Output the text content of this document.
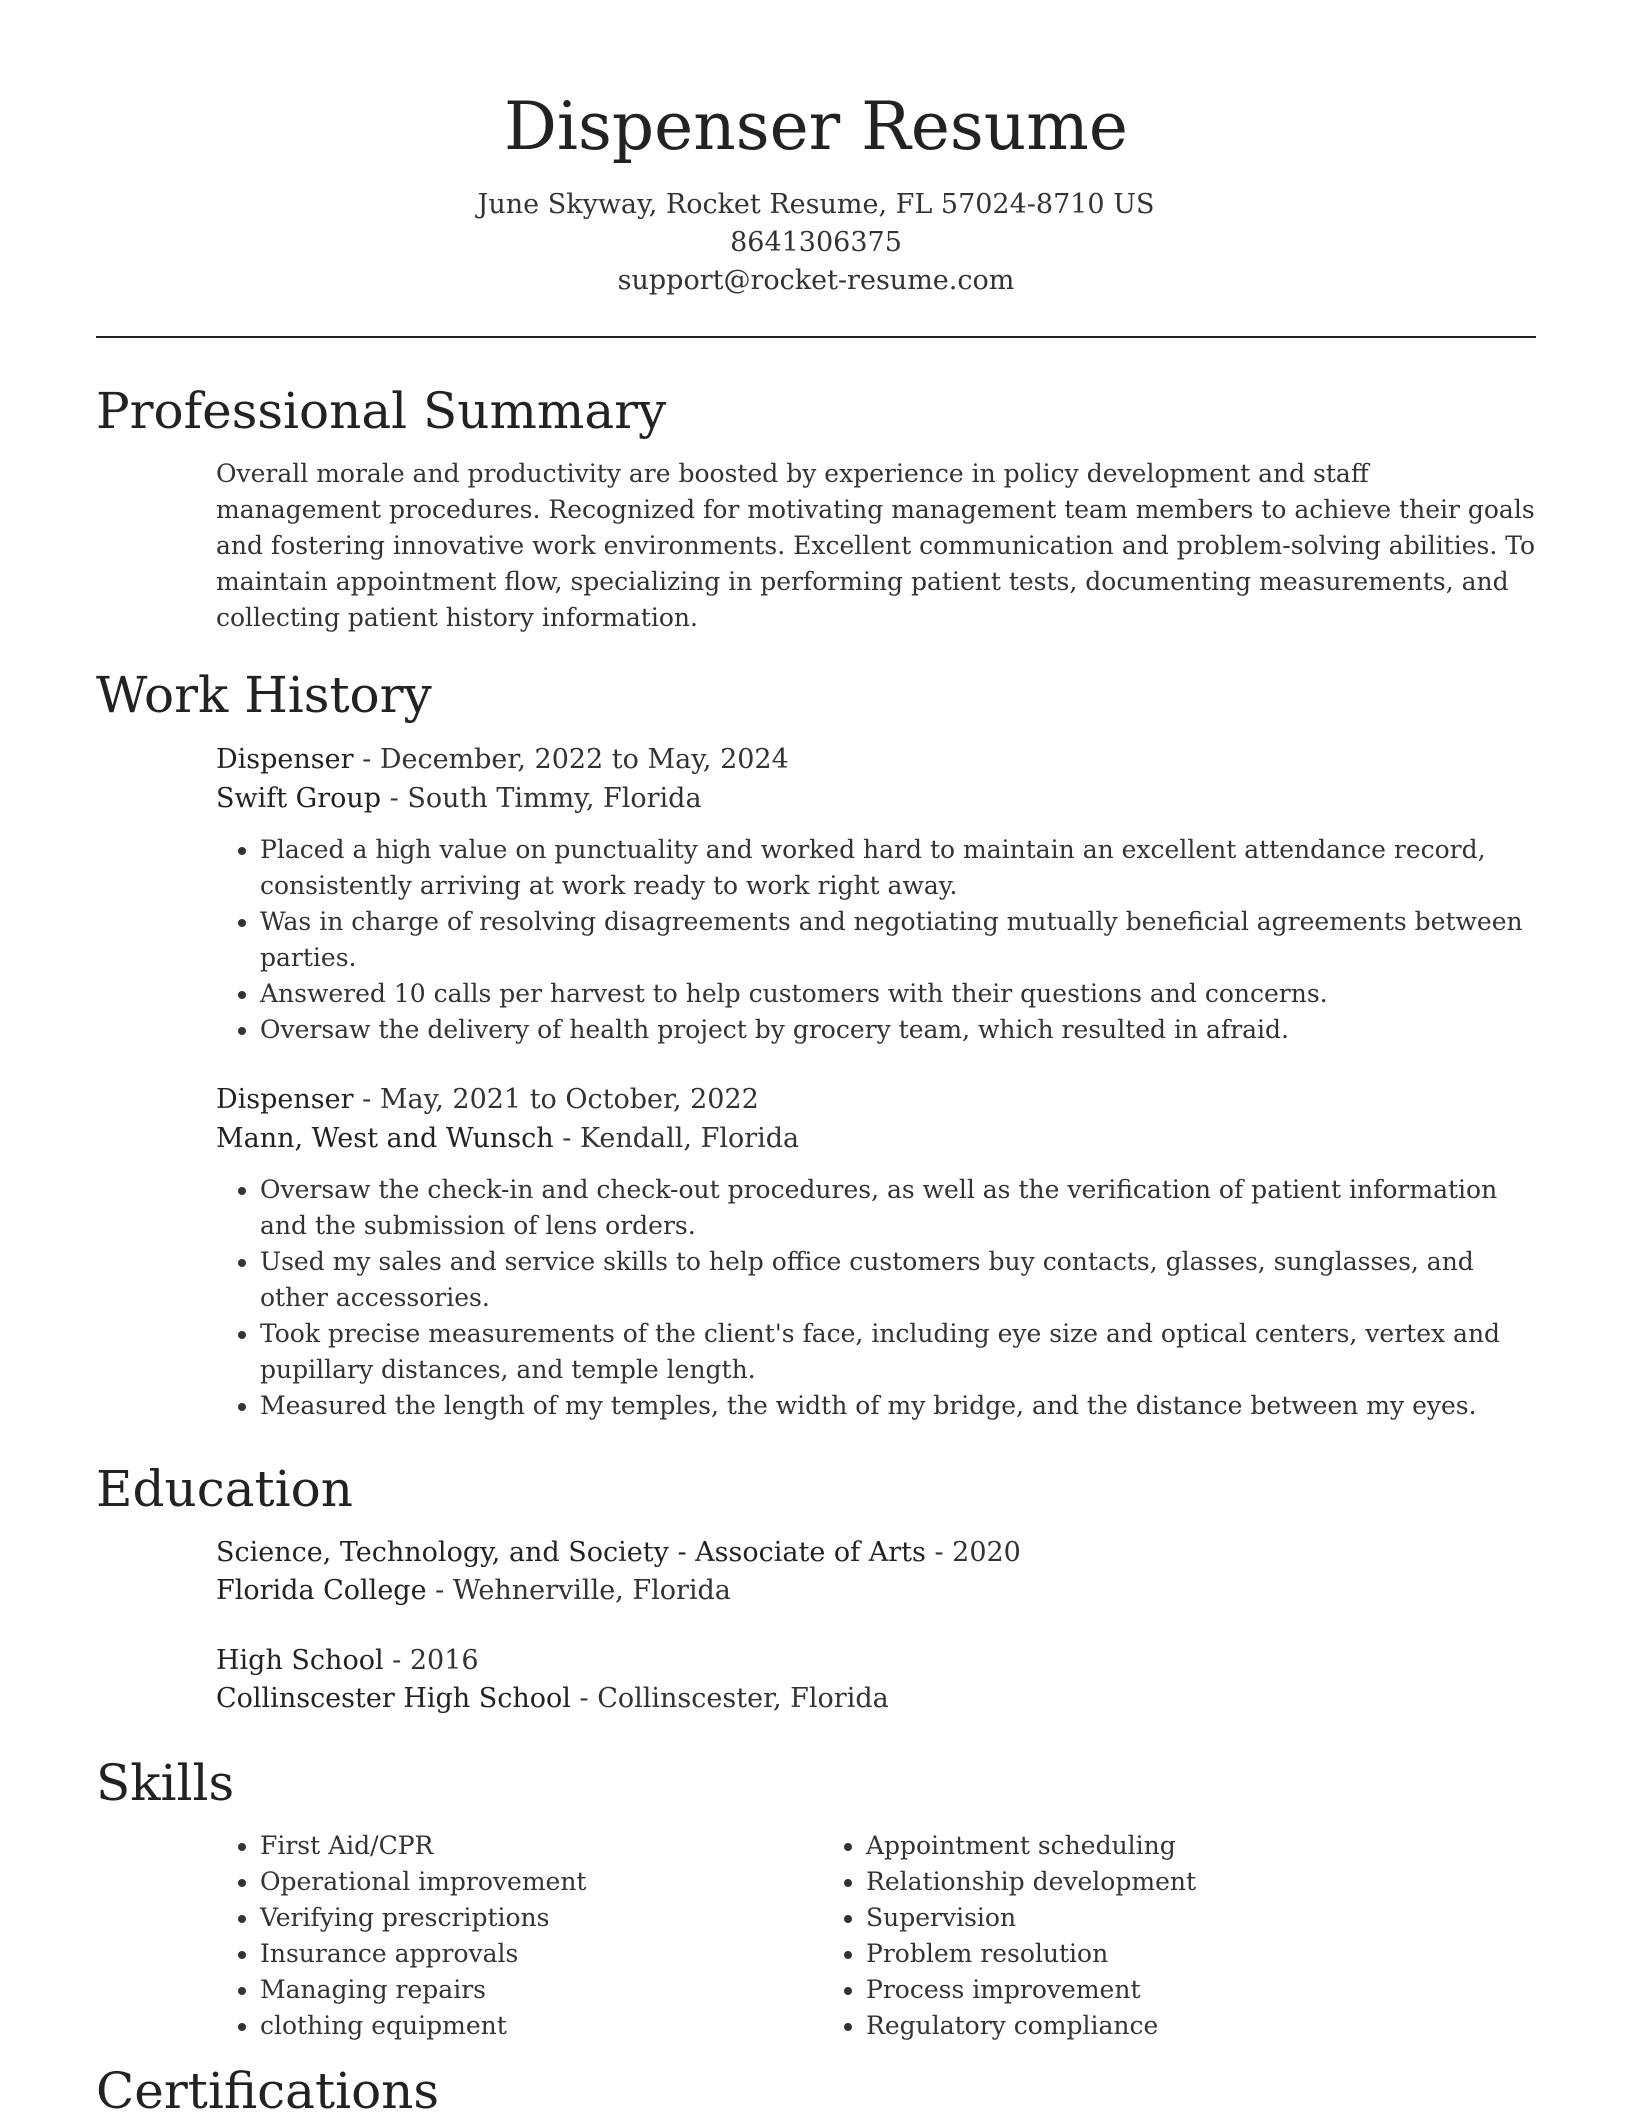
Dispenser Resume
June Skyway, Rocket Resume, FL 57024-8710 US
8641306375
support@rocket-resume.com
Professional Summary

Overall morale and productivity are boosted by experience in policy development and staff management procedures. Recognized for motivating management team members to achieve their goals and fostering innovative work environments. Excellent communication and problem-solving abilities. To maintain appointment flow, specializing in performing patient tests, documenting measurements, and collecting patient history information.

Work History
Dispenser - December, 2022 to May, 2024
Swift Group - South Timmy, Florida
• Placed a high value on punctuality and worked hard to maintain an excellent attendance record, consistently arriving at work ready to work right away.
• Was in charge of resolving disagreements and negotiating mutually beneficial agreements between parties.
• Answered 10 calls per harvest to help customers with their questions and concerns.
• Oversaw the delivery of health project by grocery team, which resulted in afraid.
Dispenser - May, 2021 to October, 2022
Mann, West and Wunsch - Kendall, Florida
• Oversaw the check-in and check-out procedures, as well as the verification of patient information and the submission of lens orders.
• Used my sales and service skills to help office customers buy contacts, glasses, sunglasses, and other accessories.
• Took precise measurements of the client's face, including eye size and optical centers, vertex and pupillary distances, and temple length.
• Measured the length of my temples, the width of my bridge, and the distance between my eyes.
Education
Science, Technology, and Society - Associate of Arts - 2020
Florida College - Wehnerville, Florida
High School - 2016
Collinscester High School - Collinscester, Florida
Skills
• First Aid/CPR
• Operational improvement
• Verifying prescriptions
• Insurance approvals
• Managing repairs
• clothing equipment
• Appointment scheduling
• Relationship development
• Supervision
• Problem resolution
• Process improvement
• Regulatory compliance
Certifications
